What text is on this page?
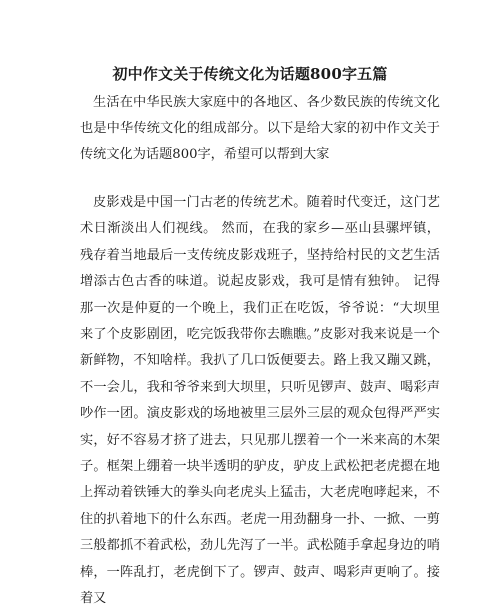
初中作文关于传统文化为话题800字五篇

生活在中华民族大家庭中的各地区、各少数民族的传统文化也是中华传统文化的组成部分。以下是给大家的初中作文关于传统文化为话题800字，希望可以帮到大家

皮影戏是中国一门古老的传统艺术。随着时代变迁，这门艺术日渐淡出人们视线。 然而，在我的家乡—巫山县骡坪镇，残存着当地最后一支传统皮影戏班子，坚持给村民的文艺生活增添古色古香的味道。说起皮影戏，我可是情有独钟。 记得那一次是仲夏的一个晚上，我们正在吃饭，爷爷说：“大坝里来了个皮影剧团，吃完饭我带你去瞧瞧。”皮影对我来说是一个新鲜物，不知啥样。我扒了几口饭便要去。路上我又蹦又跳，不一会儿，我和爷爷来到大坝里，只听见锣声、鼓声、喝彩声吵作一团。演皮影戏的场地被里三层外三层的观众包得严严实实，好不容易才挤了进去，只见那儿摆着一个一米来高的木架子。框架上绷着一块半透明的驴皮，驴皮上武松把老虎摁在地上挥动着铁锤大的拳头向老虎头上猛击，大老虎咆哮起来，不住的扒着地下的什么东西。老虎一用劲翻身一扑、一掀、一剪三般都抓不着武松，劲儿先泻了一半。武松随手拿起身边的哨棒，一阵乱打，老虎倒下了。锣声、鼓声、喝彩声更响了。接着又
